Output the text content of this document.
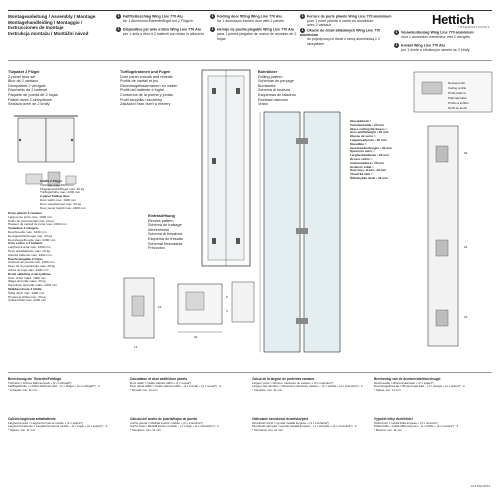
Montageanleitung / Assembly / Montage
Montagehandleiding / Montaggio / Instrucciones de montaje
Instrukcja montażu / Montážní návod
Hettich
INTERNATIONAL
1 Faltflü-Beschlag Wing Line 770 Alu
für 1 Aluminium-Rahmenflügel mit 2 Flügeln
1 Dispositivo per ante a libro Wing Line 770 Alu
per 1 anta a libro a 2 battenti con telaio in alluminio
1 Folding door fitting Wing Line 770 Alu
for 1 aluminium framed door with 2 panels
1 Herraje de puerta plegable Wing Line 770 Alu
para 1 puerta plegable de marco de aluminio de 2 hojas
1 Ferrure de porte pliante Wing Line 770 aluminium
pour 1 porte pliante à cadre en aluminium
avec 2 vantaux
1 Okucie do drzwi składanych Wing Line 770 aluminium
do pojedynczych drzwi z ramą aluminiową z 2 skrzydłami
1 Vouwdeurbeslag Wing Line 770 aluminium
voor 1 aluminium framedeur met 2 vleugels
1 Kování Wing Line 770 Alu
pro 1 dveře s hliníkovým rámem se 2 křídly
Türpaket 2 Flügel
2-panel door set
Bloc de 2 vantaux
Deurpakket 2 vleugels
Pacchetto da 2 battenti
Paquete de puerta de 2 hojas
Pakiet drzwi 2-skrzydłowe
Sestava dveří se 2 křídly
Faltflü 2 Flügel
Türbreite max. 1000 mm
Flügelgewicht/Flügel max. 20 kg
Türflügelhöhe max. 2200 mm
2-panel folding door
Door width max. 1000 mm
Door weight/panel max. 20 kg
Door panel height max. 2200 mm
Porte pliante 2 vantaux
Largeur de porte max. 1000 mm
Poids de porte/vantail max. 20 kg
Hauteur de vantail de porte max. 2200 mm
Vouwdeur 2 vleugels
Deurbreedte max. 1000 mm
Deurgewicht/vleugel max. 20 kg
Deurvleugelhoogte max. 2200 mm
Anta a libro a 2 battenti
Larghezza anta max. 1000 mm
Peso anta/battente max. 20 kg
Altezza battente max. 2200 mm
Puerta plegable 2 hojas
Anchura de puerta máx. 1000 mm
Peso de la puerta/hoja máx. 20 kg
Altura de hoja máx. 2200 mm
Drzwi składane 2-skrzydłowe
Szer. drzwi maks. 1000 mm
Waga skrzydła maks. 20 kg
Wysokość skrzydła maks. 2200 mm
Skládací dveře 2 křídla
Šířka dveří max. 1000 mm
Hmotnost křídla max. 20 kg
Výška křídel max. 2200 mm
Türflügelrahmen und Fugen
Door panel cutouts and reveals
Profils de vantail et jeu
Deurvleugelkaderramen en naden
Profili del battente e fughe
Contornos de la puerta y juntas
Profil skrzydła i szczeliny
Zakázání hran dveří a mezery
Einfräsöffnung
Recess pattern
Schéma de fraisage
Infreesbeeld
Schema di fresatura
Esquema de fresado
Schemat frezowania
Frézování
32
16
6
4
14
Bohrbilder
Drilling pattern
Schémas de perçage
Boorbeeld
Schema di foratura
Esquemas de taladros
Rozstaw otworów
Vrtání
Glasstärke/d =
Türmaterial/de • 20 mm
Glass cutting thickness =
door width/height • 20 mm
Glasse de verre =
Lappaneel/porte • 20 mm
Glasdikte =
deurbreedte/hoogte • 20 mm
Spessore vetro =
Larghezza/altezza • 20 mm
Grosor vidrio =
anchura/altura • 20 mm
Grubość szkła =
Szer./wys. drzwi • 20 mm
Tloušťka skla =
Šířka/výška dveří • 20 mm
Deckenprofil
Ceiling profile
Profil plafond
Plafondprofiel
Profilo a soffitto
Perfil de techo
64
24
16
Berechnung der Türbreite/Faltfügel
Türbreite = Lichtes Rahmenmaß + (2 x Luftspalt*)
Faltflügelbreite = Lichtes Rahmenmaß – (1 x Flügel + (2 x Luftspalt*) : 2
* Luftspalt: min. 11 mm
Calculation of door width/door panels
Door width = Inside cabinet width + (2 x reveal*)
Door panel width = Inside cabinet width – (1 x reveal) + (2 x reveal*) : 2
* Reveal: min. 11 mm
Calcul de la largeur de porte/des vantaux
Largeur porte = Dimens. intérieure du caisson + (2 x interstice*)
Largeur des vantaux = Dimension intérieure caisson – (1 x vantail + (2 x interstice*) : 2
* Interstice: min. 11 mm
Berekening van de deurbreedte/deurvleugel
Deurbreedte = Binnenmaat kast + (2 x spleet*)
Deurvleugelbreedte = Binnenmaat kast – (1 x vleugel + (2 x spleet*) : 2
* Spleet: min. 11 mm
Calcolo larghezza anta/battente
Larghezza anta = Larghezza interna mobile + (2 x spazio*)
Larghezza battente = Larghezza interna mobile – (1 x fuga) + (2 x spazio*) : 2
* Spazio: min. 11 mm
Cálculo del ancho de puerta/hojas de puerta
Ancho puerta = Medida interior módulo + (2 x intersticio*)
Ancho hoja = Medida interior módulo – (1 x hoja + (2 x intersticio*) : 2
* Intersticio: mín. 11 mm
Obliczanie szerokości drzwi/skrzydeł
Szerokość drzwi = wymiar światła korpusu + (2 x szczelina*)
Szerokość skrzydeł = wymiar światła korpusu – (1 x skrzydło + (2 x szczelina*) : 2
* Szczelina: min. 11 mm
Výpočet šířky dveří/křídel
Šířka dveří = světlá šířka korpusu + (2 x mezera*)
Šířka křídla = světlá šířka korpusu – (1 x křídlo + (2 x mezera*) : 2
* Mezera: min. 11 mm
10-8 MW 8154
